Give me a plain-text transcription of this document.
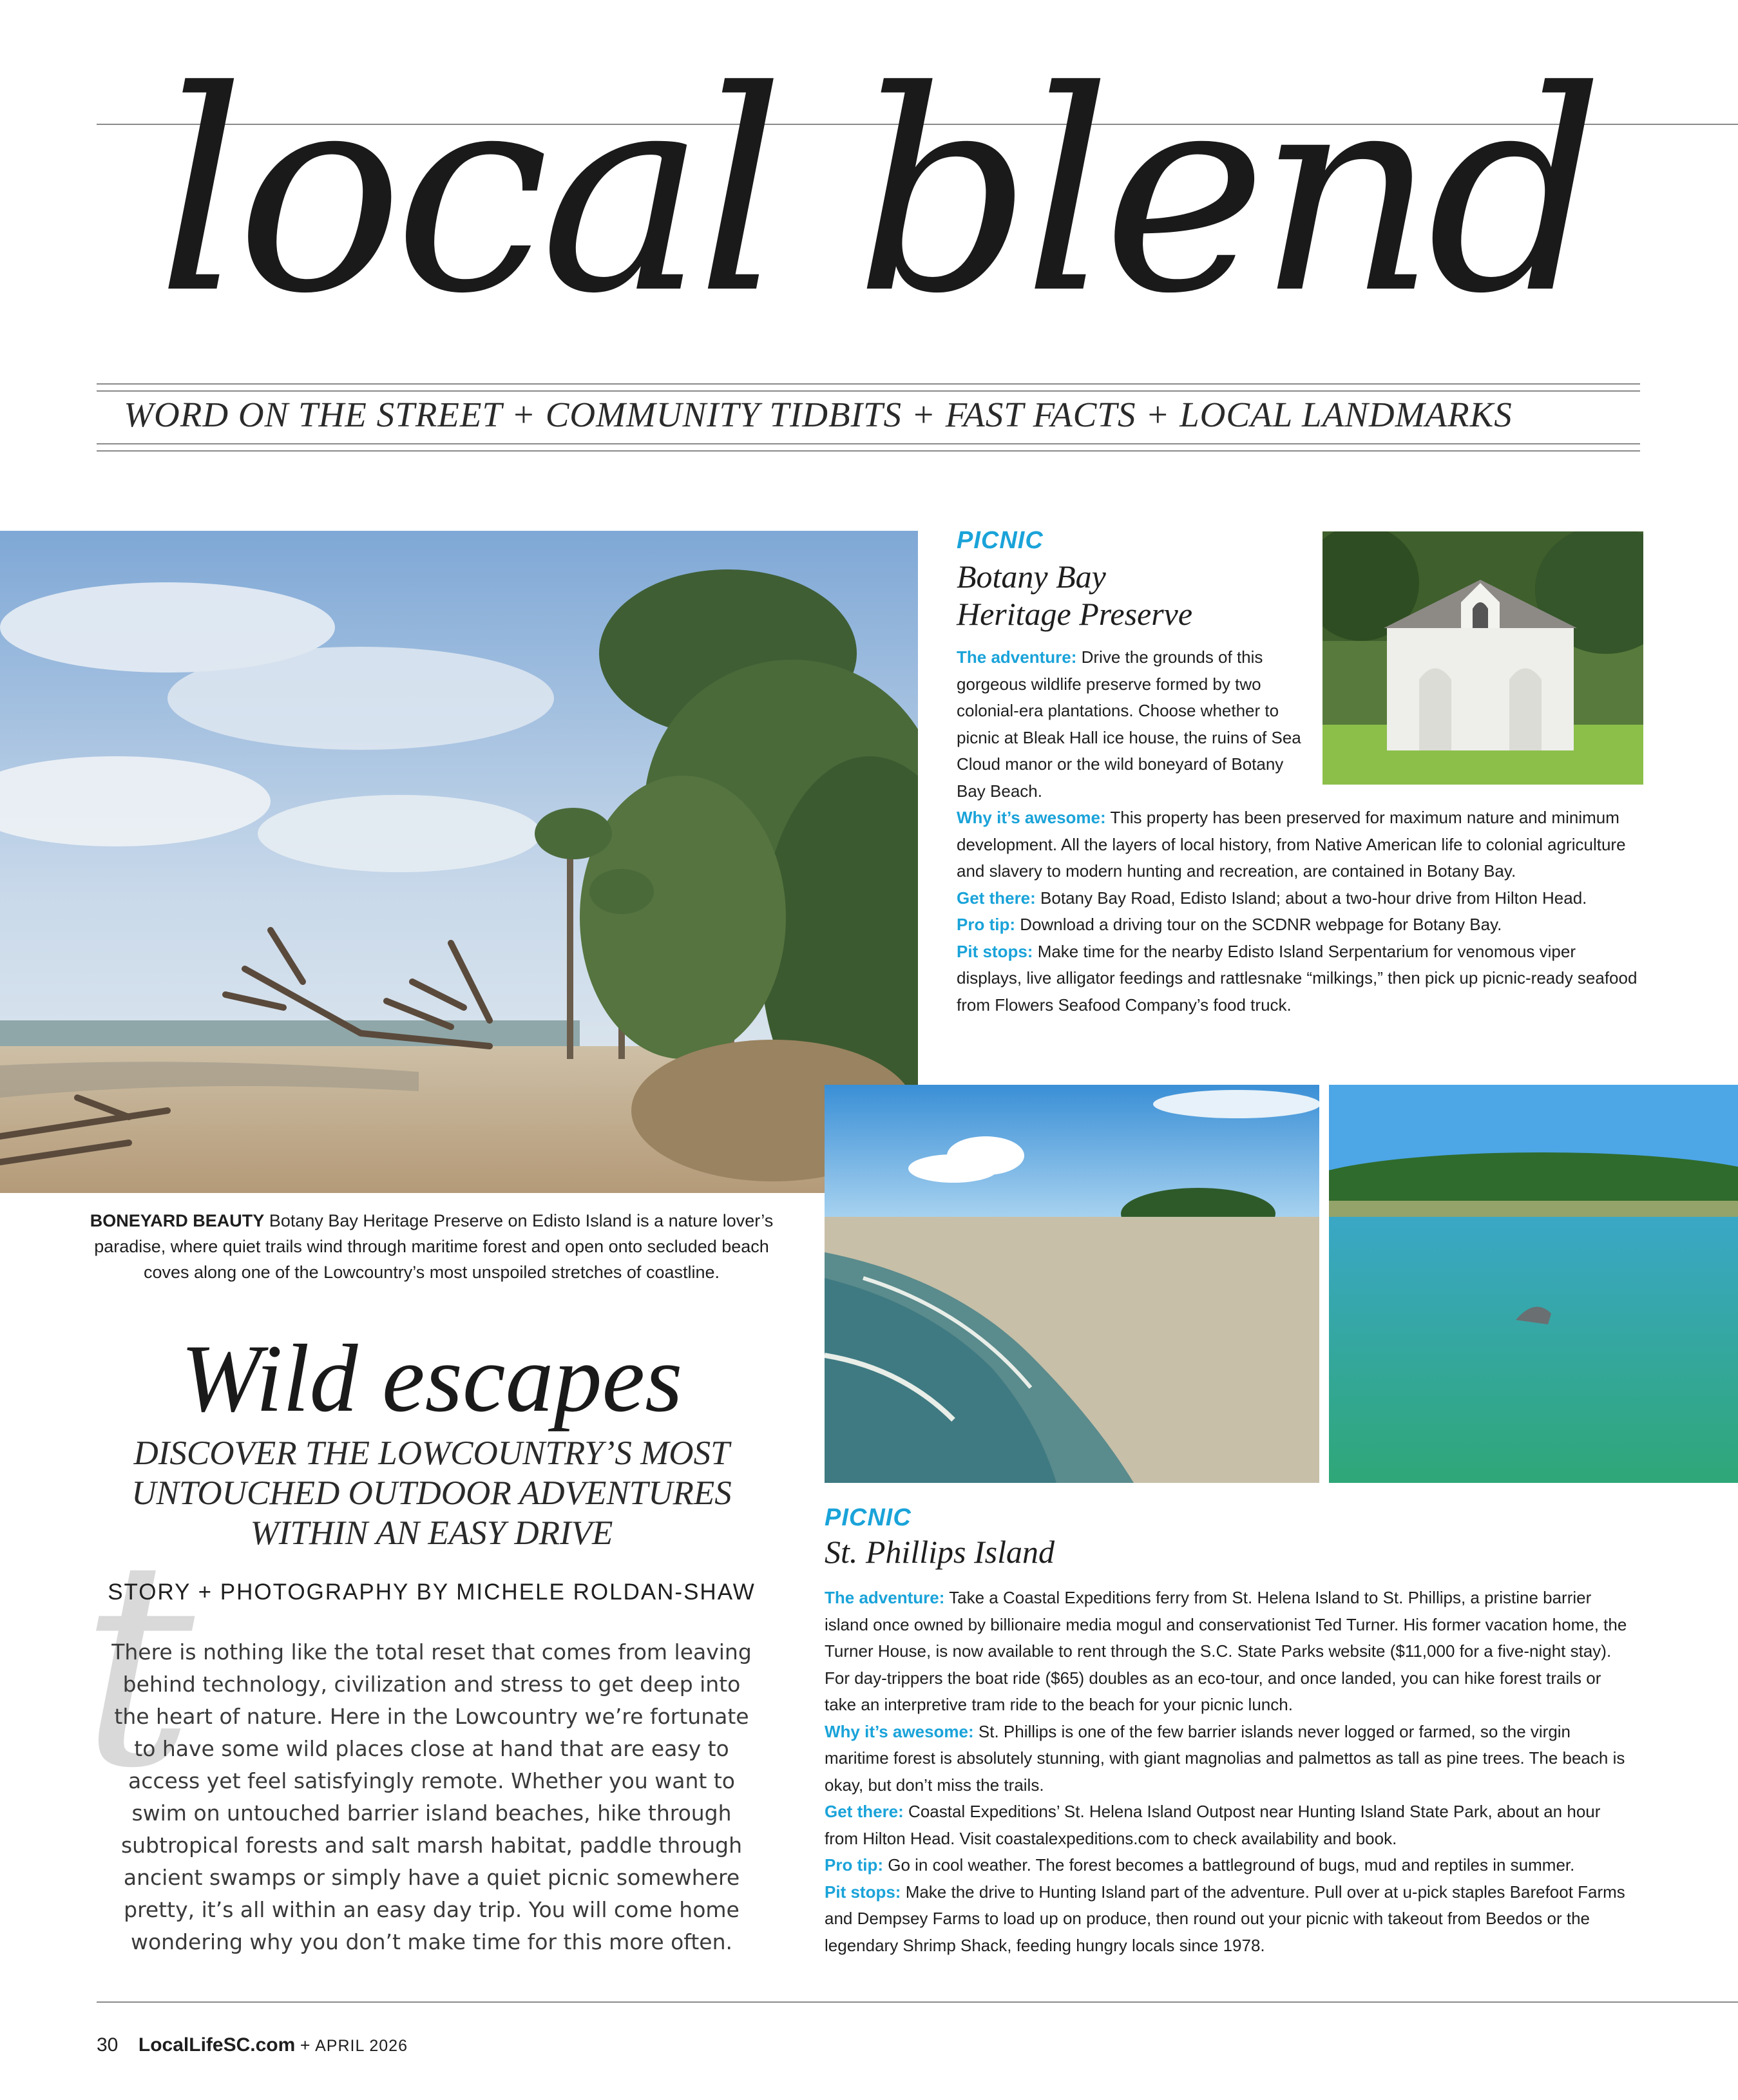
local blend
WORD ON THE STREET + COMMUNITY TIDBITS + FAST FACTS + LOCAL LANDMARKS
BONEYARD BEAUTY Botany Bay Heritage Preserve on Edisto Island is a nature lover’s paradise, where quiet trails wind through maritime forest and open onto secluded beach coves along one of the Lowcountry’s most unspoiled stretches of coastline.
Wild escapes
DISCOVER THE LOWCOUNTRY’S MOST UNTOUCHED OUTDOOR ADVENTURES WITHIN AN EASY DRIVE
t
STORY + PHOTOGRAPHY BY MICHELE ROLDAN-SHAW
There is nothing like the total reset that comes from leaving behind technology, civilization and stress to get deep into the heart of nature. Here in the Lowcountry we’re fortunate to have some wild places close at hand that are easy to access yet feel satisfyingly remote. Whether you want to swim on untouched barrier island beaches, hike through subtropical forests and salt marsh habitat, paddle through ancient swamps or simply have a quiet picnic somewhere pretty, it’s all within an easy day trip. You will come home wondering why you don’t make time for this more often.
PICNIC
Botany Bay
Heritage Preserve
The adventure: Drive the grounds of this gorgeous wildlife preserve formed by two colonial-era plantations. Choose whether to picnic at Bleak Hall ice house, the ruins of Sea Cloud manor or the wild boneyard of Botany Bay Beach.
Why it’s awesome: This property has been preserved for maximum nature and minimum development. All the layers of local history, from Native American life to colonial agriculture and slavery to modern hunting and recreation, are contained in Botany Bay.
Get there: Botany Bay Road, Edisto Island; about a two-hour drive from Hilton Head.
Pro tip: Download a driving tour on the SCDNR webpage for Botany Bay.
Pit stops: Make time for the nearby Edisto Island Serpentarium for venomous viper displays, live alligator feedings and rattlesnake “milkings,” then pick up picnic-ready seafood from Flowers Seafood Company’s food truck.
PICNIC
St. Phillips Island
The adventure: Take a Coastal Expeditions ferry from St. Helena Island to St. Phillips, a pristine barrier island once owned by billionaire media mogul and conservationist Ted Turner. His former vacation home, the Turner House, is now available to rent through the S.C. State Parks website ($11,000 for a five-night stay). For day-trippers the boat ride ($65) doubles as an eco-tour, and once landed, you can hike forest trails or take an interpretive tram ride to the beach for your picnic lunch.
Why it’s awesome: St. Phillips is one of the few barrier islands never logged or farmed, so the virgin maritime forest is absolutely stunning, with giant magnolias and palmettos as tall as pine trees. The beach is okay, but don’t miss the trails.
Get there: Coastal Expeditions’ St. Helena Island Outpost near Hunting Island State Park, about an hour from Hilton Head. Visit coastalexpeditions.com to check availability and book.
Pro tip: Go in cool weather. The forest becomes a battleground of bugs, mud and reptiles in summer.
Pit stops: Make the drive to Hunting Island part of the adventure. Pull over at u-pick staples Barefoot Farms and Dempsey Farms to load up on produce, then round out your picnic with takeout from Beedos or the legendary Shrimp Shack, feeding hungry locals since 1978.
30 LocalLifeSC.com + APRIL 2026
